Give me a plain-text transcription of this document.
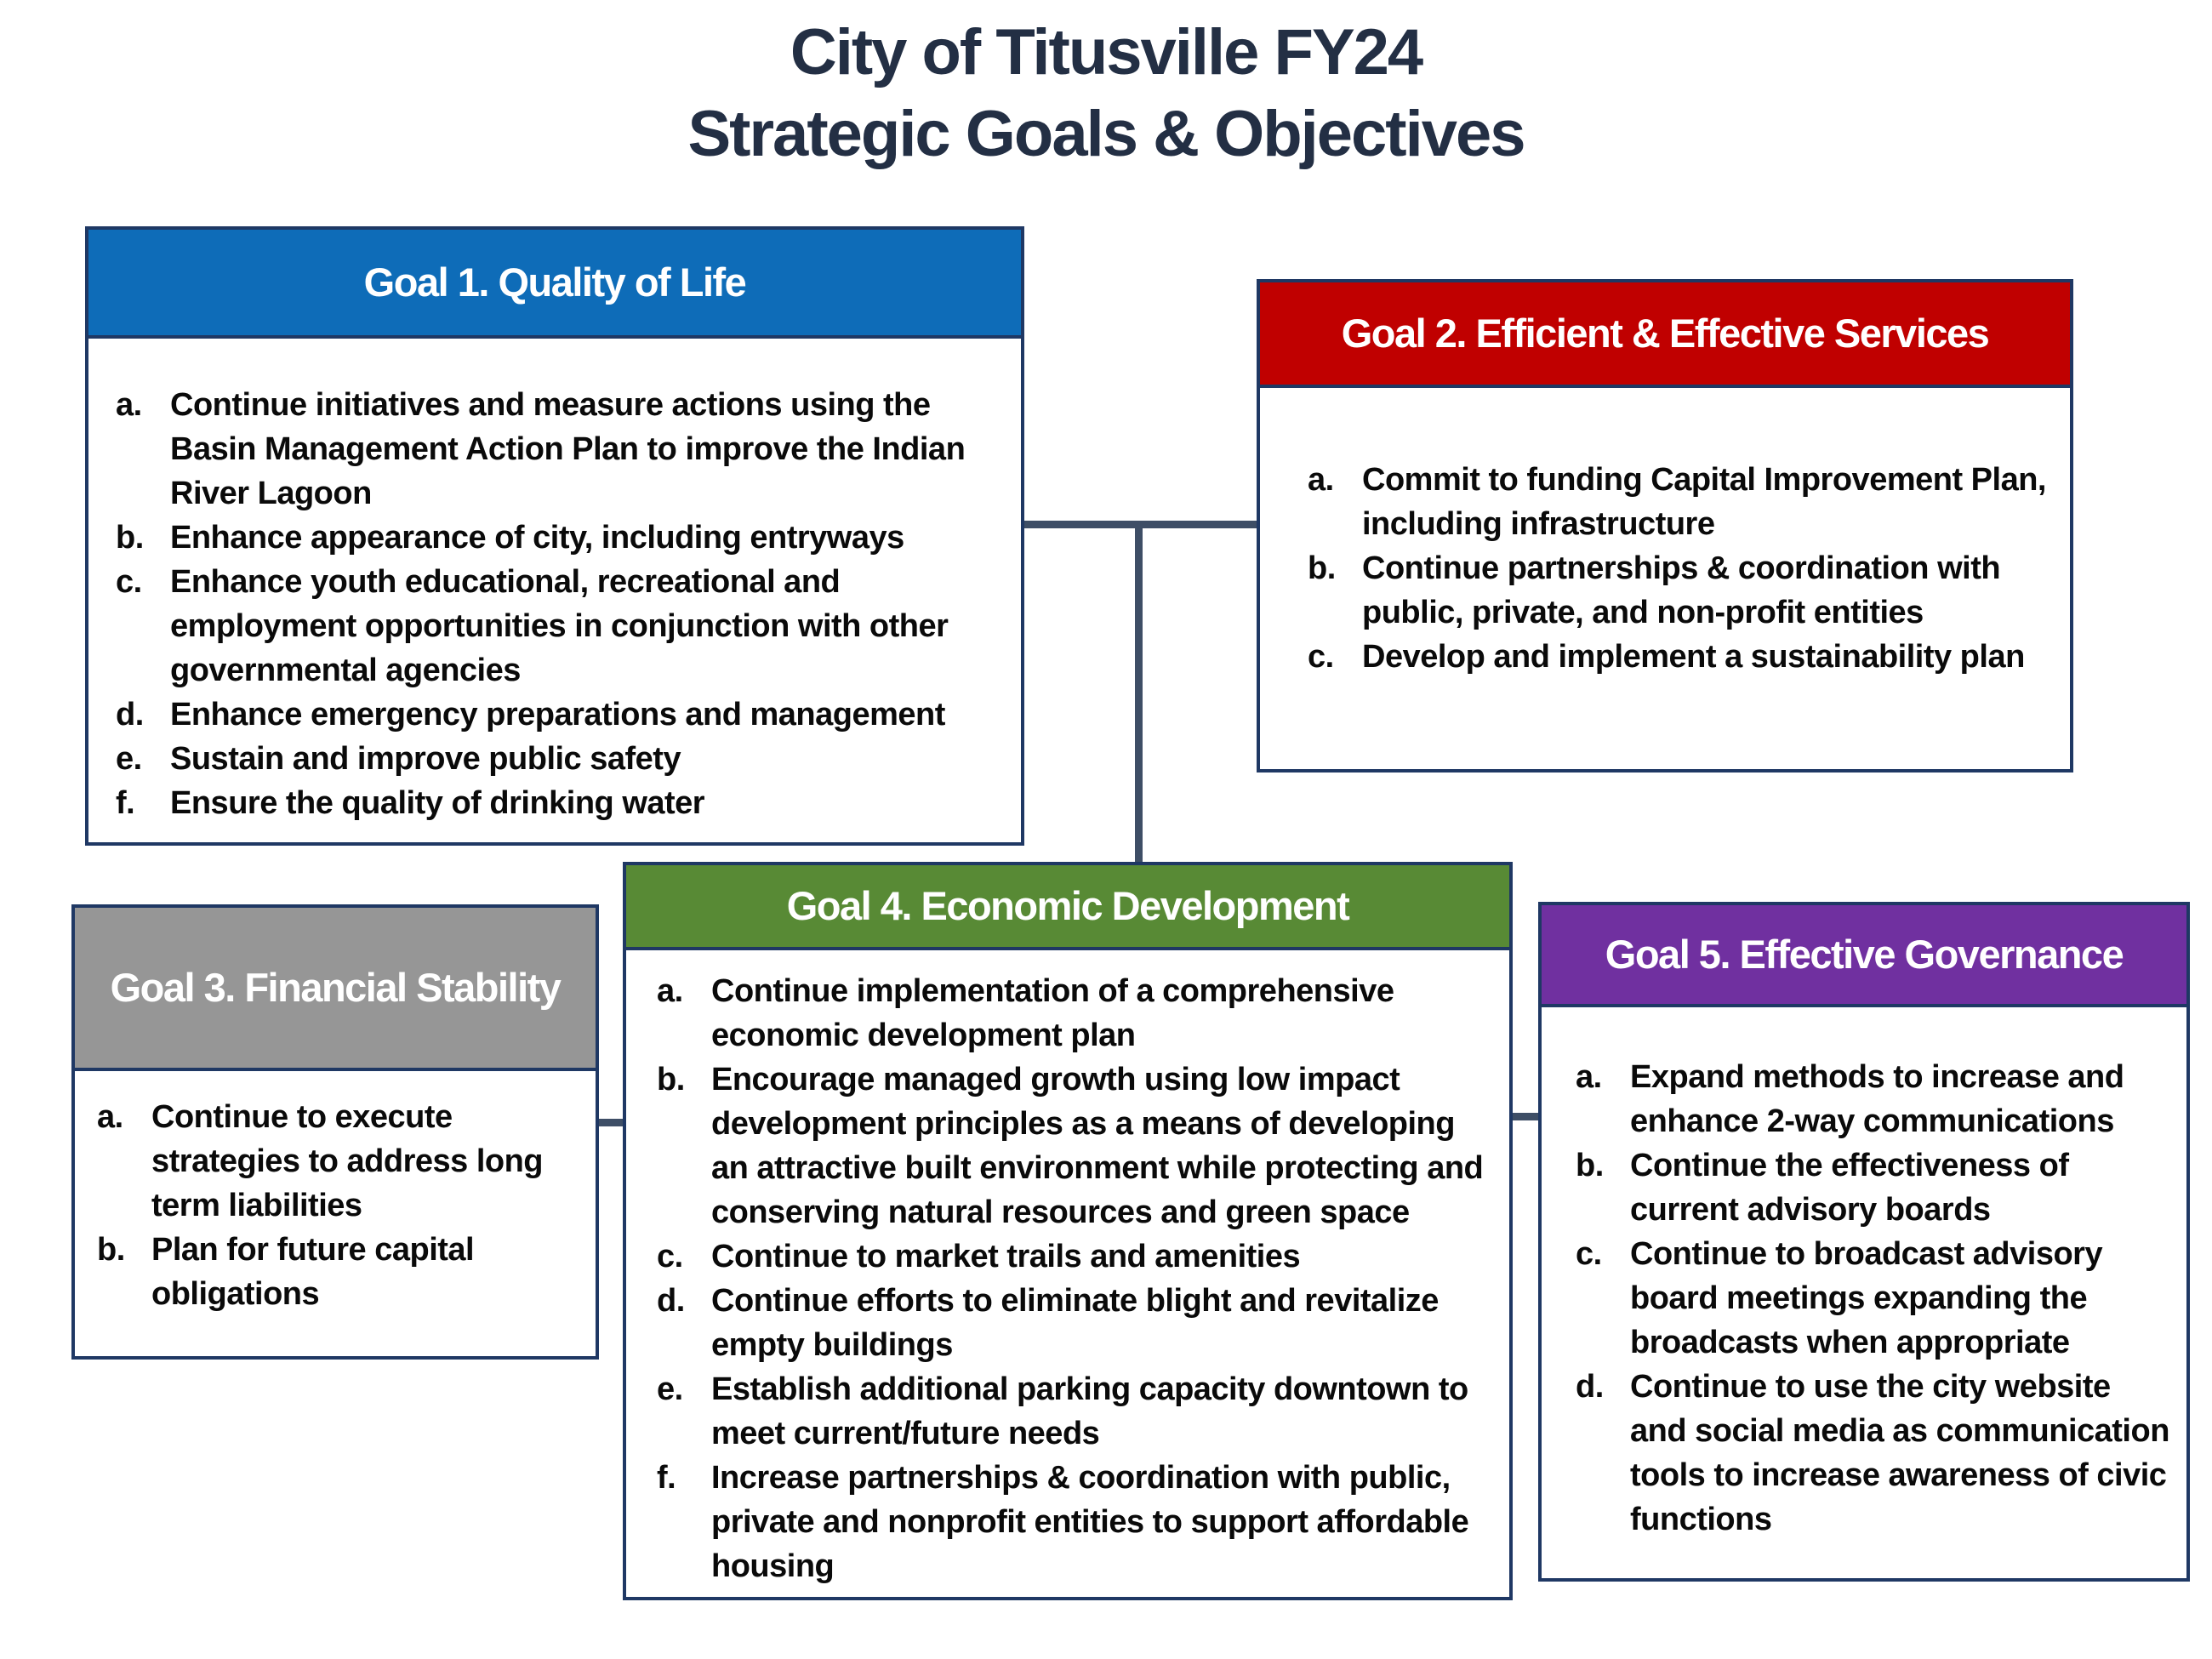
City of Titusville FY24
Strategic Goals & Objectives
Goal 1. Quality of Life
a. Continue initiatives and measure actions using the Basin Management Action Plan to improve the Indian River Lagoon
b. Enhance appearance of city, including entryways
c. Enhance youth educational, recreational and employment opportunities in conjunction with other governmental agencies
d. Enhance emergency preparations and management
e. Sustain and improve public safety
f.	Ensure the quality of drinking water
Goal 2. Efficient & Effective Services
a. Commit to funding Capital Improvement Plan, including infrastructure
b. Continue partnerships & coordination with public, private, and non-profit entities
c. Develop and implement a sustainability plan
Goal 3. Financial Stability
a. Continue to execute strategies to address long term liabilities
b. Plan for future capital obligations
Goal 4. Economic Development
a. Continue implementation of a comprehensive economic development plan
b. Encourage managed growth using low impact development principles as a means of developing an attractive built environment while protecting and conserving natural resources and green space
c. Continue to market trails and amenities
d. Continue efforts to eliminate blight and revitalize empty buildings
e. Establish additional parking capacity downtown to meet current/future needs
f.	Increase partnerships & coordination with public, private and nonprofit entities to support affordable housing
Goal 5. Effective Governance
a. Expand methods to increase and enhance 2-way communications
b. Continue the effectiveness of current advisory boards
c. Continue to broadcast advisory board meetings expanding the broadcasts when appropriate
d. Continue to use the city website and social media as communication tools to increase awareness of civic functions
